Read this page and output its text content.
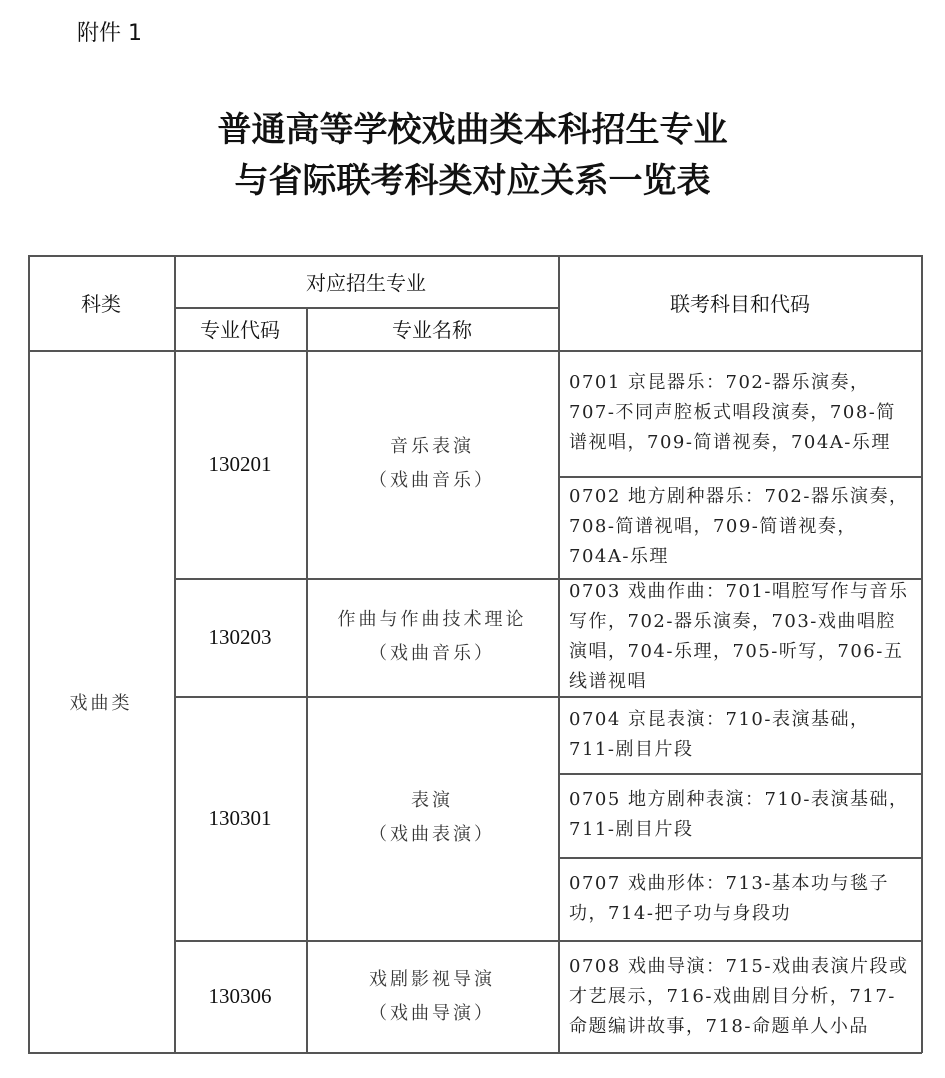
附件 1
普通高等学校戏曲类本科招生专业
与省际联考科类对应关系一览表
科类
对应招生专业
专业代码	专业名称
联考科目和代码
戏曲类
130201
音乐表演
（戏曲音乐）
0701 京昆器乐：702-器乐演奏，707-不同声腔板式唱段演奏，708-简谱视唱，709-简谱视奏，704A-乐理
0702 地方剧种器乐：702-器乐演奏，708-简谱视唱，709-简谱视奏，704A-乐理
130203
作曲与作曲技术理论
（戏曲音乐）
0703 戏曲作曲：701-唱腔写作与音乐写作，702-器乐演奏，703-戏曲唱腔演唱，704-乐理，705-听写，706-五线谱视唱
130301
表演
（戏曲表演）
0704 京昆表演：710-表演基础，711-剧目片段
0705 地方剧种表演：710-表演基础，711-剧目片段
0707 戏曲形体：713-基本功与毯子功，714-把子功与身段功
130306
戏剧影视导演
（戏曲导演）
0708 戏曲导演：715-戏曲表演片段或才艺展示，716-戏曲剧目分析，717-命题编讲故事，718-命题单人小品
